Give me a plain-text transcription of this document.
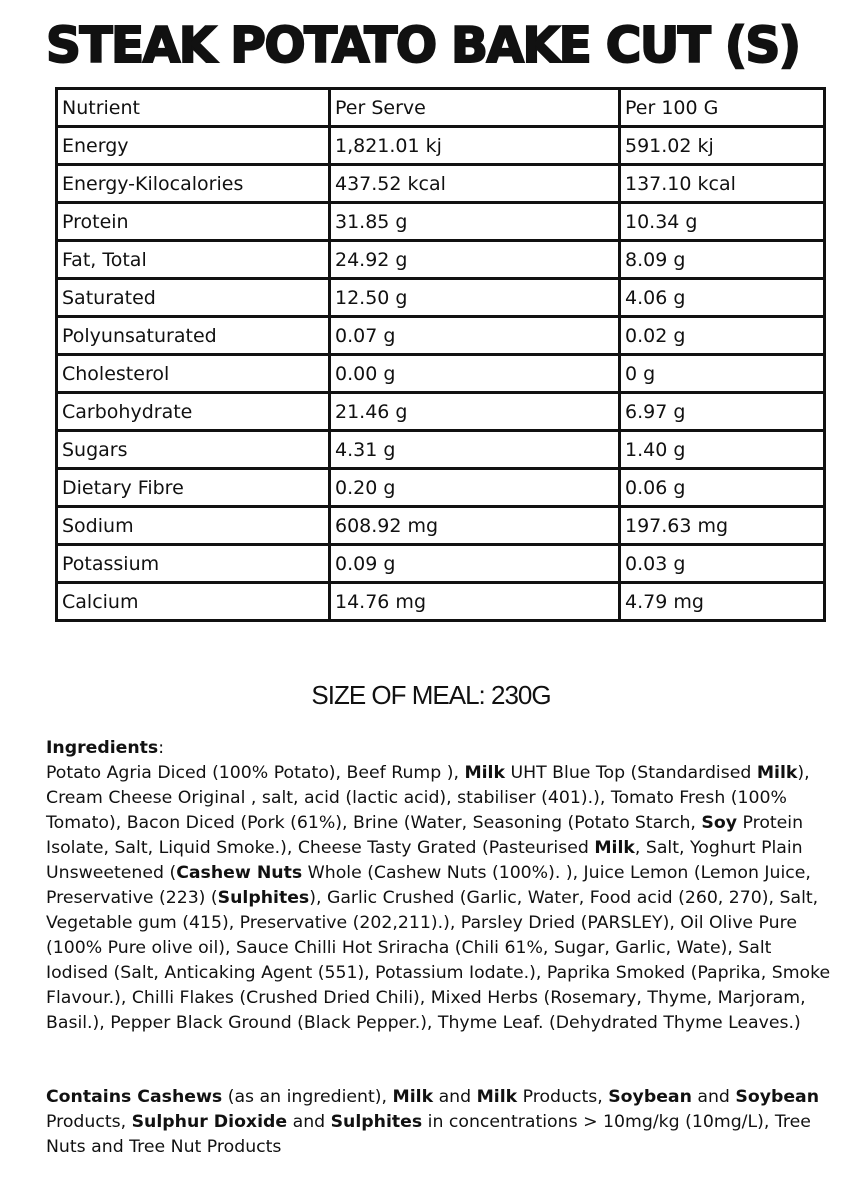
STEAK POTATO BAKE CUT (S)
Nutrient	Per Serve	Per 100 G
Energy	1,821.01 kj	591.02 kj
Energy-Kilocalories	437.52 kcal	137.10 kcal
Protein	31.85 g	10.34 g
Fat, Total	24.92 g	8.09 g
Saturated	12.50 g	4.06 g
Polyunsaturated	0.07 g	0.02 g
Cholesterol	0.00 g	0 g
Carbohydrate	21.46 g	6.97 g
Sugars	4.31 g	1.40 g
Dietary Fibre	0.20 g	0.06 g
Sodium	608.92 mg	197.63 mg
Potassium	0.09 g	0.03 g
Calcium	14.76 mg	4.79 mg
SIZE OF MEAL: 230G

Ingredients:

Potato Agria Diced (100% Potato), Beef Rump ), Milk UHT Blue Top (Standardised Milk), Cream Cheese Original , salt, acid (lactic acid), stabiliser (401).), Tomato Fresh (100% Tomato), Bacon Diced (Pork (61%), Brine (Water, Seasoning (Potato Starch, Soy Protein Isolate, Salt, Liquid Smoke.), Cheese Tasty Grated (Pasteurised Milk, Salt, Yoghurt Plain Unsweetened (Cashew Nuts Whole (Cashew Nuts (100%). ), Juice Lemon (Lemon Juice, Preservative (223) (Sulphites), Garlic Crushed (Garlic, Water, Food acid (260, 270), Salt, Vegetable gum (415), Preservative (202,211).), Parsley Dried (PARSLEY), Oil Olive Pure (100% Pure olive oil), Sauce Chilli Hot Sriracha (Chili 61%, Sugar, Garlic, Wate), Salt Iodised (Salt, Anticaking Agent (551), Potassium Iodate.), Paprika Smoked (Paprika, Smoke Flavour.), Chilli Flakes (Crushed Dried Chili), Mixed Herbs (Rosemary, Thyme, Marjoram, Basil.), Pepper Black Ground (Black Pepper.), Thyme Leaf. (Dehydrated Thyme Leaves.)

Contains Cashews (as an ingredient), Milk and Milk Products, Soybean and Soybean Products, Sulphur Dioxide and Sulphites in concentrations > 10mg/kg (10mg/L), Tree Nuts and Tree Nut Products
